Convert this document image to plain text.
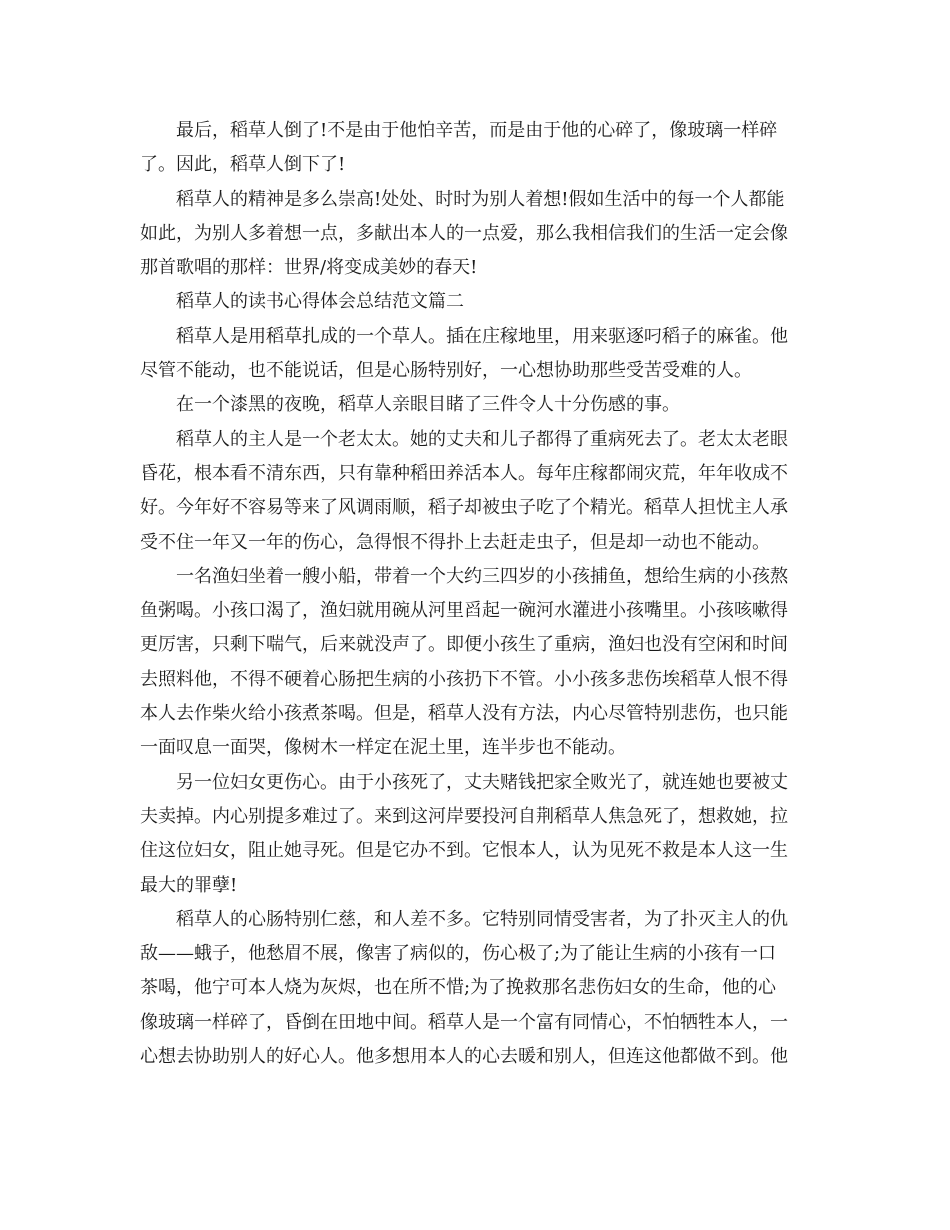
最后，稻草人倒了!不是由于他怕辛苦，而是由于他的心碎了，像玻璃一样碎
了。因此，稻草人倒下了!
稻草人的精神是多么崇高!处处、时时为别人着想!假如生活中的每一个人都能
如此，为别人多着想一点，多献出本人的一点爱，那么我相信我们的生活一定会像
那首歌唱的那样：世界/将变成美妙的春天!
稻草人的读书心得体会总结范文篇二
稻草人是用稻草扎成的一个草人。插在庄稼地里，用来驱逐叼稻子的麻雀。他
尽管不能动，也不能说话，但是心肠特别好，一心想协助那些受苦受难的人。
在一个漆黑的夜晚，稻草人亲眼目睹了三件令人十分伤感的事。
稻草人的主人是一个老太太。她的丈夫和儿子都得了重病死去了。老太太老眼
昏花，根本看不清东西，只有靠种稻田养活本人。每年庄稼都闹灾荒，年年收成不
好。今年好不容易等来了风调雨顺，稻子却被虫子吃了个精光。稻草人担忧主人承
受不住一年又一年的伤心，急得恨不得扑上去赶走虫子，但是却一动也不能动。
一名渔妇坐着一艘小船，带着一个大约三四岁的小孩捕鱼，想给生病的小孩熬
鱼粥喝。小孩口渴了，渔妇就用碗从河里舀起一碗河水灌进小孩嘴里。小孩咳嗽得
更厉害，只剩下喘气，后来就没声了。即便小孩生了重病，渔妇也没有空闲和时间
去照料他，不得不硬着心肠把生病的小孩扔下不管。小小孩多悲伤埃稻草人恨不得
本人去作柴火给小孩煮茶喝。但是，稻草人没有方法，内心尽管特别悲伤，也只能
一面叹息一面哭，像树木一样定在泥土里，连半步也不能动。
另一位妇女更伤心。由于小孩死了，丈夫赌钱把家全败光了，就连她也要被丈
夫卖掉。内心别提多难过了。来到这河岸要投河自荆稻草人焦急死了，想救她，拉
住这位妇女，阻止她寻死。但是它办不到。它恨本人，认为见死不救是本人这一生
最大的罪孽!
稻草人的心肠特别仁慈，和人差不多。它特别同情受害者，为了扑灭主人的仇
敌——蛾子，他愁眉不展，像害了病似的，伤心极了;为了能让生病的小孩有一口
茶喝，他宁可本人烧为灰烬，也在所不惜;为了挽救那名悲伤妇女的生命，他的心
像玻璃一样碎了，昏倒在田地中间。稻草人是一个富有同情心，不怕牺牲本人，一
心想去协助别人的好心人。他多想用本人的心去暖和别人，但连这他都做不到。他
